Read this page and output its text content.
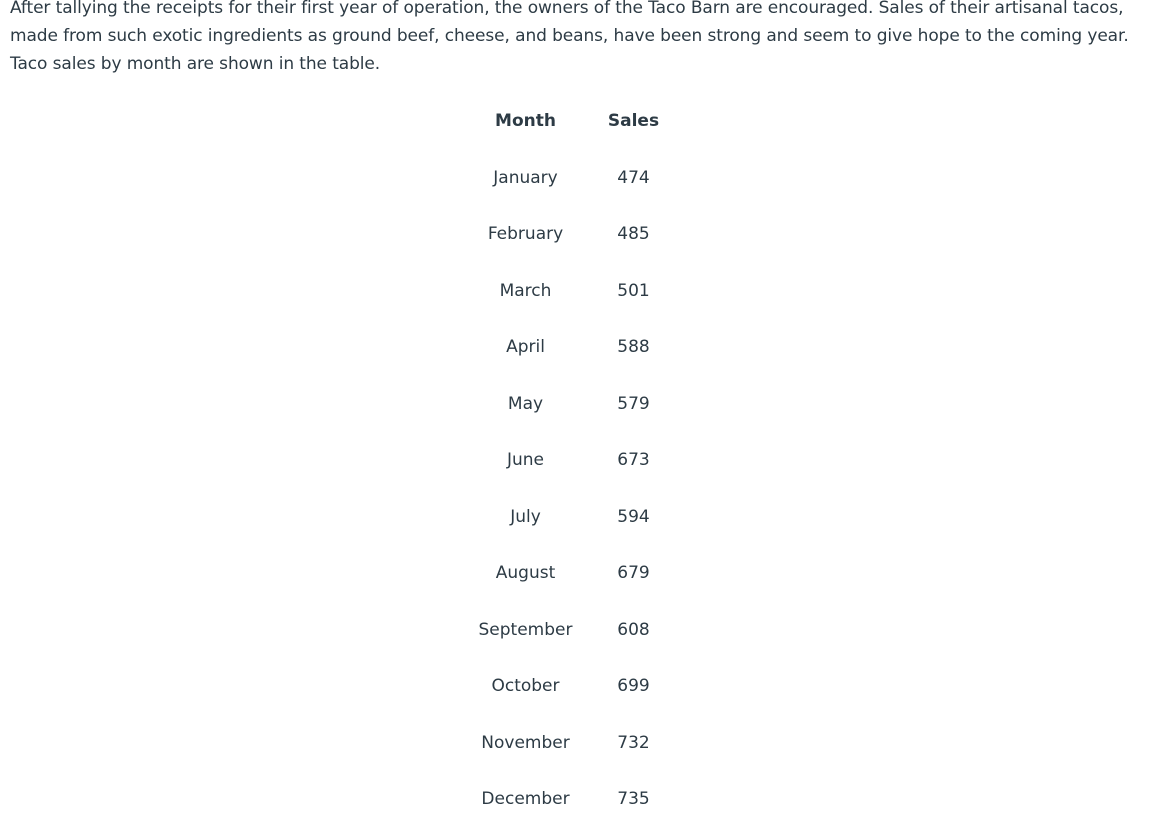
After tallying the receipts for their first year of operation, the owners of the Taco Barn are encouraged. Sales of their artisanal tacos, made from such exotic ingredients as ground beef, cheese, and beans, have been strong and seem to give hope to the coming year. Taco sales by month are shown in the table.

Month	Sales
January	474
February	485
March	501
April	588
May	579
June	673
July	594
August	679
September	608
October	699
November	732
December	735
